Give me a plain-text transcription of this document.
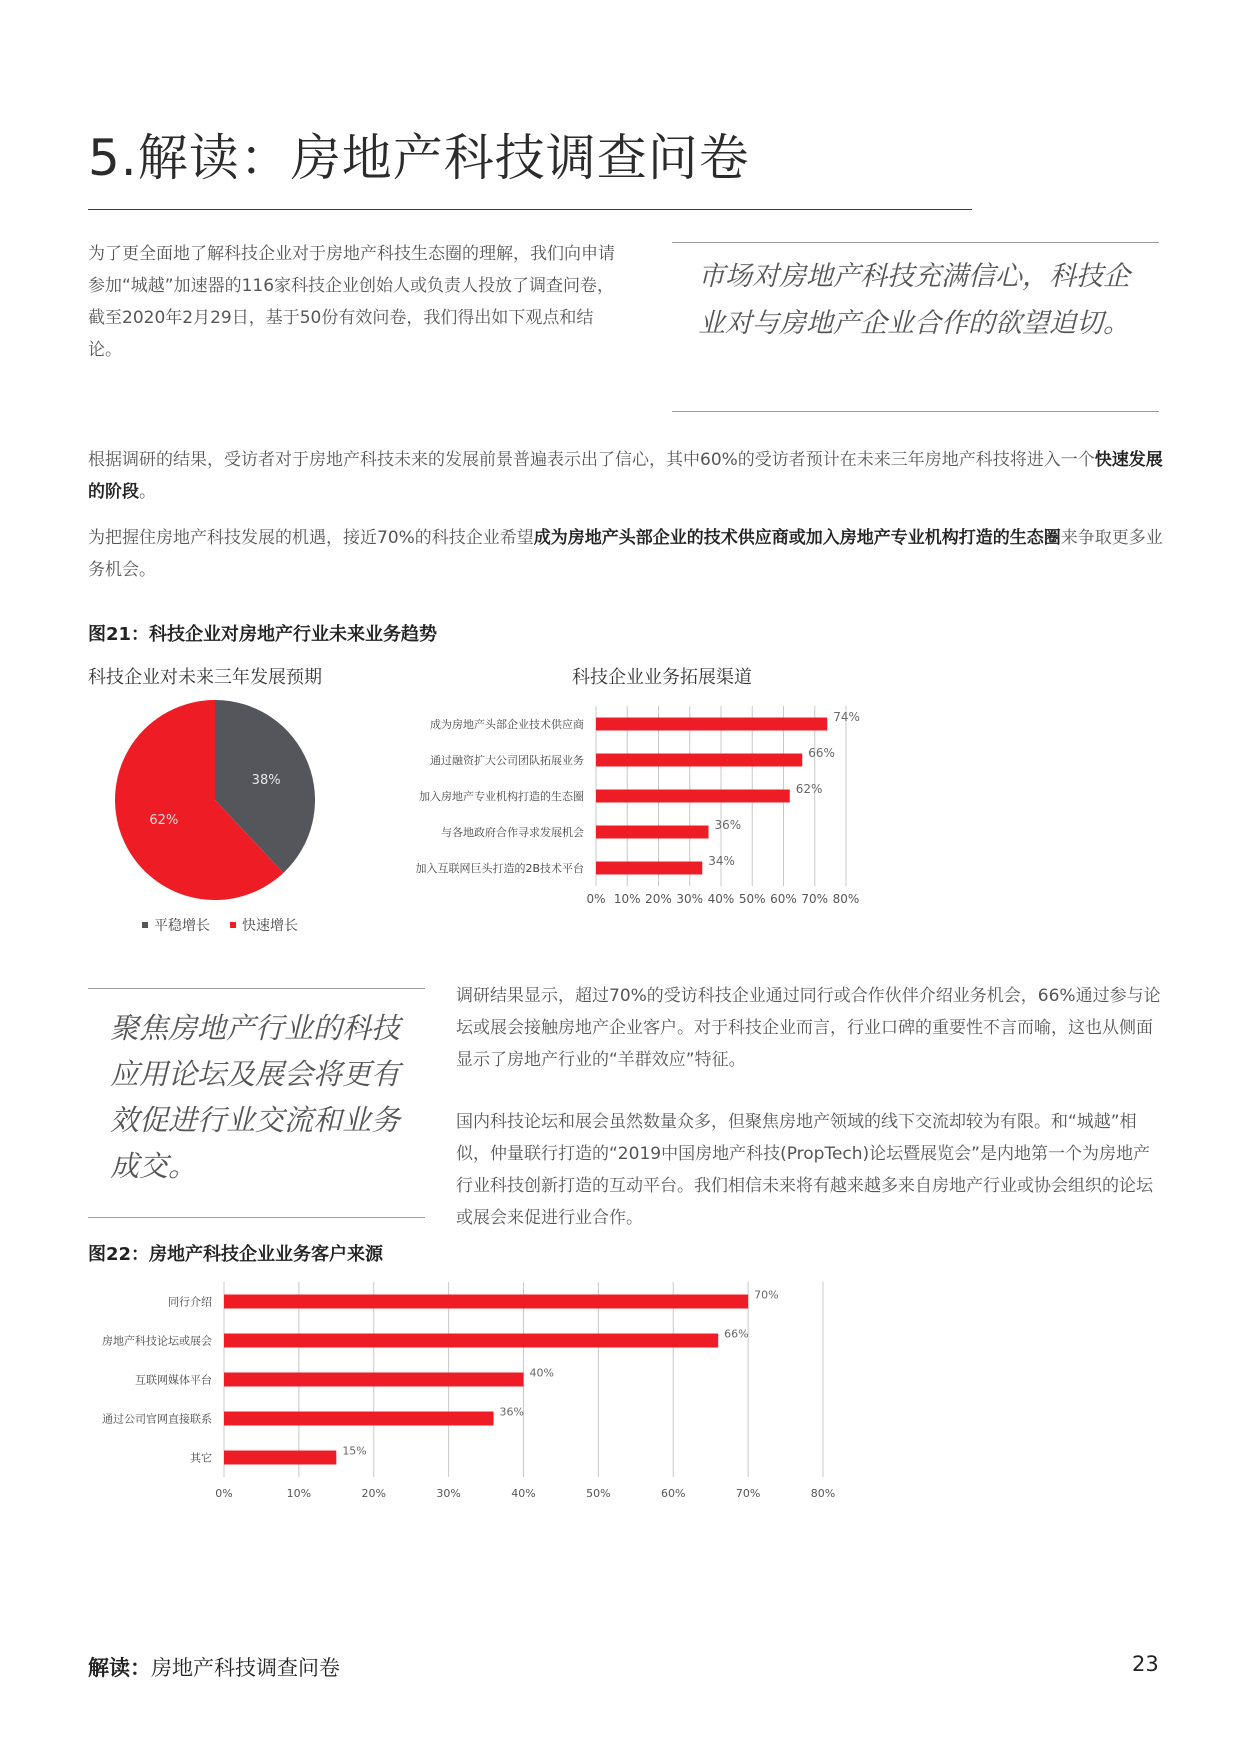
5.解读：房地产科技调查问卷
为了更全面地了解科技企业对于房地产科技生态圈的理解，我们向申请参加“城越”加速器的116家科技企业创始人或负责人投放了调查问卷，截至2020年2月29日，基于50份有效问卷，我们得出如下观点和结论。

市场对房地产科技充满信心，科技企业对与房地产企业合作的欲望迫切。

根据调研的结果，受访者对于房地产科技未来的发展前景普遍表示出了信心，其中60%的受访者预计在未来三年房地产科技将进入一个快速发展的阶段。
为把握住房地产科技发展的机遇，接近70%的科技企业希望成为房地产头部企业的技术供应商或加入房地产专业机构打造的生态圈来争取更多业务机会。
图21：科技企业对房地产行业未来业务趋势
科技企业对未来三年发展预期	科技企业业务拓展渠道
38%
62%
平稳增长 快速增长
0% 10% 20% 30% 40% 50% 60% 70% 80%
成为房地产头部企业技术供应商
74%
通过融资扩大公司团队拓展业务
66%
加入房地产专业机构打造的生态圈
62%
与各地政府合作寻求发展机会
36%
加入互联网巨头打造的2B技术平台
34%

聚焦房地产行业的科技应用论坛及展会将更有效促进行业交流和业务成交。

调研结果显示，超过70%的受访科技企业通过同行或合作伙伴介绍业务机会，66%通过参与论坛或展会接触房地产企业客户。对于科技企业而言，行业口碑的重要性不言而喻，这也从侧面显示了房地产行业的“羊群效应”特征。
国内科技论坛和展会虽然数量众多，但聚焦房地产领域的线下交流却较为有限。和“城越”相似，仲量联行打造的“2019中国房地产科技(PropTech)论坛暨展览会”是内地第一个为房地产行业科技创新打造的互动平台。我们相信未来将有越来越多来自房地产行业或协会组织的论坛或展会来促进行业合作。
图22：房地产科技企业业务客户来源
0%	10%	20%	30%	40%	50%	60%	70%	80%
同行介绍
70%
房地产科技论坛或展会
66%
互联网媒体平台
40%
通过公司官网直接联系
36%
其它
15%
解读：房地产科技调查问卷	23
